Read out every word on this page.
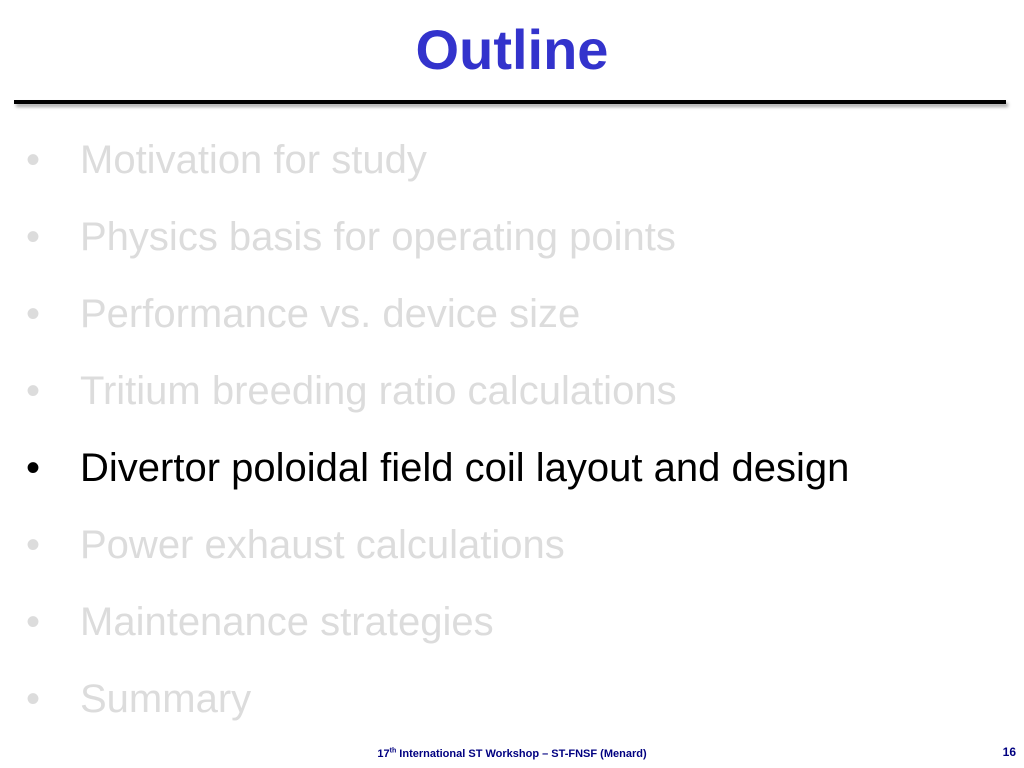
Outline
• Motivation for study
• Physics basis for operating points
• Performance vs. device size
• Tritium breeding ratio calculations
• Divertor poloidal field coil layout and design
• Power exhaust calculations
• Maintenance strategies
• Summary
17th International ST Workshop – ST-FNSF (Menard)	16
